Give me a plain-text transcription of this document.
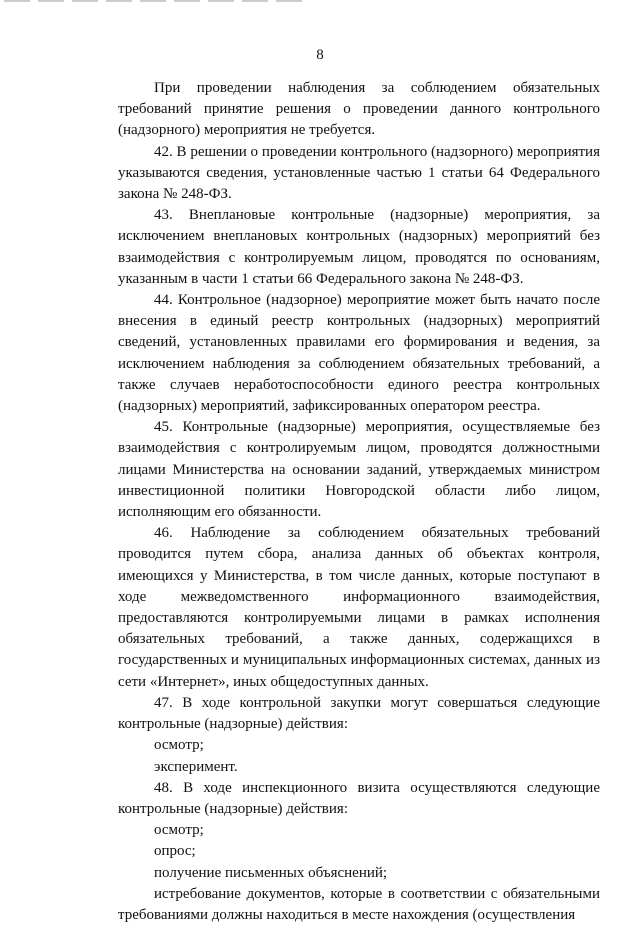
8

При проведении наблюдения за соблюдением обязательных требований принятие решения о проведении данного контрольного (надзорного) мероприятия не требуется.

42. В решении о проведении контрольного (надзорного) мероприятия указываются сведения, установленные частью 1 статьи 64 Федерального закона № 248-ФЗ.

43. Внеплановые контрольные (надзорные) мероприятия, за исключением внеплановых контрольных (надзорных) мероприятий без взаимодействия с контролируемым лицом, проводятся по основаниям, указанным в части 1 статьи 66 Федерального закона № 248-ФЗ.

44. Контрольное (надзорное) мероприятие может быть начато после внесения в единый реестр контрольных (надзорных) мероприятий сведений, установленных правилами его формирования и ведения, за исключением наблюдения за соблюдением обязательных требований, а также случаев неработоспособности единого реестра контрольных (надзорных) мероприятий, зафиксированных оператором реестра.

45. Контрольные (надзорные) мероприятия, осуществляемые без взаимодействия с контролируемым лицом, проводятся должностными лицами Министерства на основании заданий, утверждаемых министром инвестиционной политики Новгородской области либо лицом, исполняющим его обязанности.

46. Наблюдение за соблюдением обязательных требований проводится путем сбора, анализа данных об объектах контроля, имеющихся у Министерства, в том числе данных, которые поступают в ходе межведомственного информационного взаимодействия, предоставляются контролируемыми лицами в рамках исполнения обязательных требований, а также данных, содержащихся в государственных и муниципальных информационных системах, данных из сети «Интернет», иных общедоступных данных.

47. В ходе контрольной закупки могут совершаться следующие контрольные (надзорные) действия:

осмотр;

эксперимент.

48. В ходе инспекционного визита осуществляются следующие контрольные (надзорные) действия:

осмотр;

опрос;

получение письменных объяснений;

истребование документов, которые в соответствии с обязательными требованиями должны находиться в месте нахождения (осуществления
